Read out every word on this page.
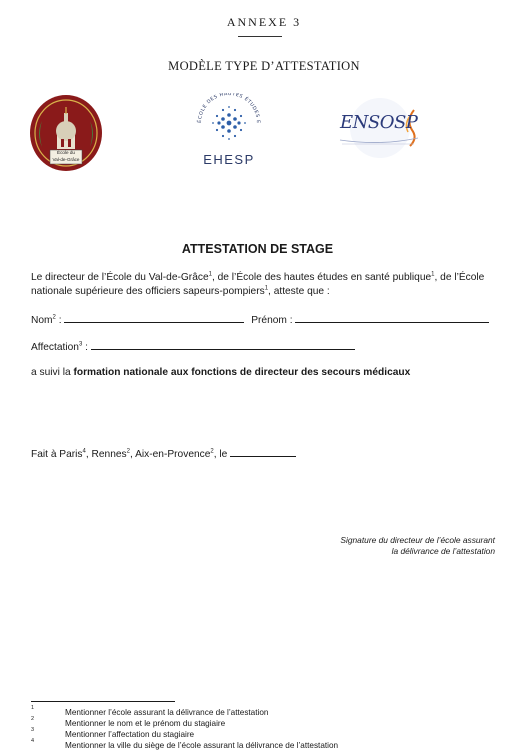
ANNEXE 3
MODÈLE TYPE D’ATTESTATION
École du
Val-de-Grâce
ÉCOLE DES HAUTES ÉTUDES E
EHESP
ENSOSP
ATTESTATION DE STAGE
Le directeur de l’École du Val-de-Grâce$^1$, de l’École des hautes études en santé publique$^1$, de l’École
nationale supérieure des officiers sapeurs-pompiers$^1$, atteste que :
Nom$^2$ :	Prénom :
Affectation$^3$ :
a suivi la formation nationale aux fonctions de directeur des secours médicaux
Fait à Paris$^4$, Rennes$^2$, Aix-en-Provence$^2$, le
Signature du directeur de l’école assurant
la délivrance de l’attestation
1	Mentionner l’école assurant la délivrance de l’attestation
2	Mentionner le nom et le prénom du stagiaire
3	Mentionner l’affectation du stagiaire
4	Mentionner la ville du siège de l’école assurant la délivrance de l’attestation
